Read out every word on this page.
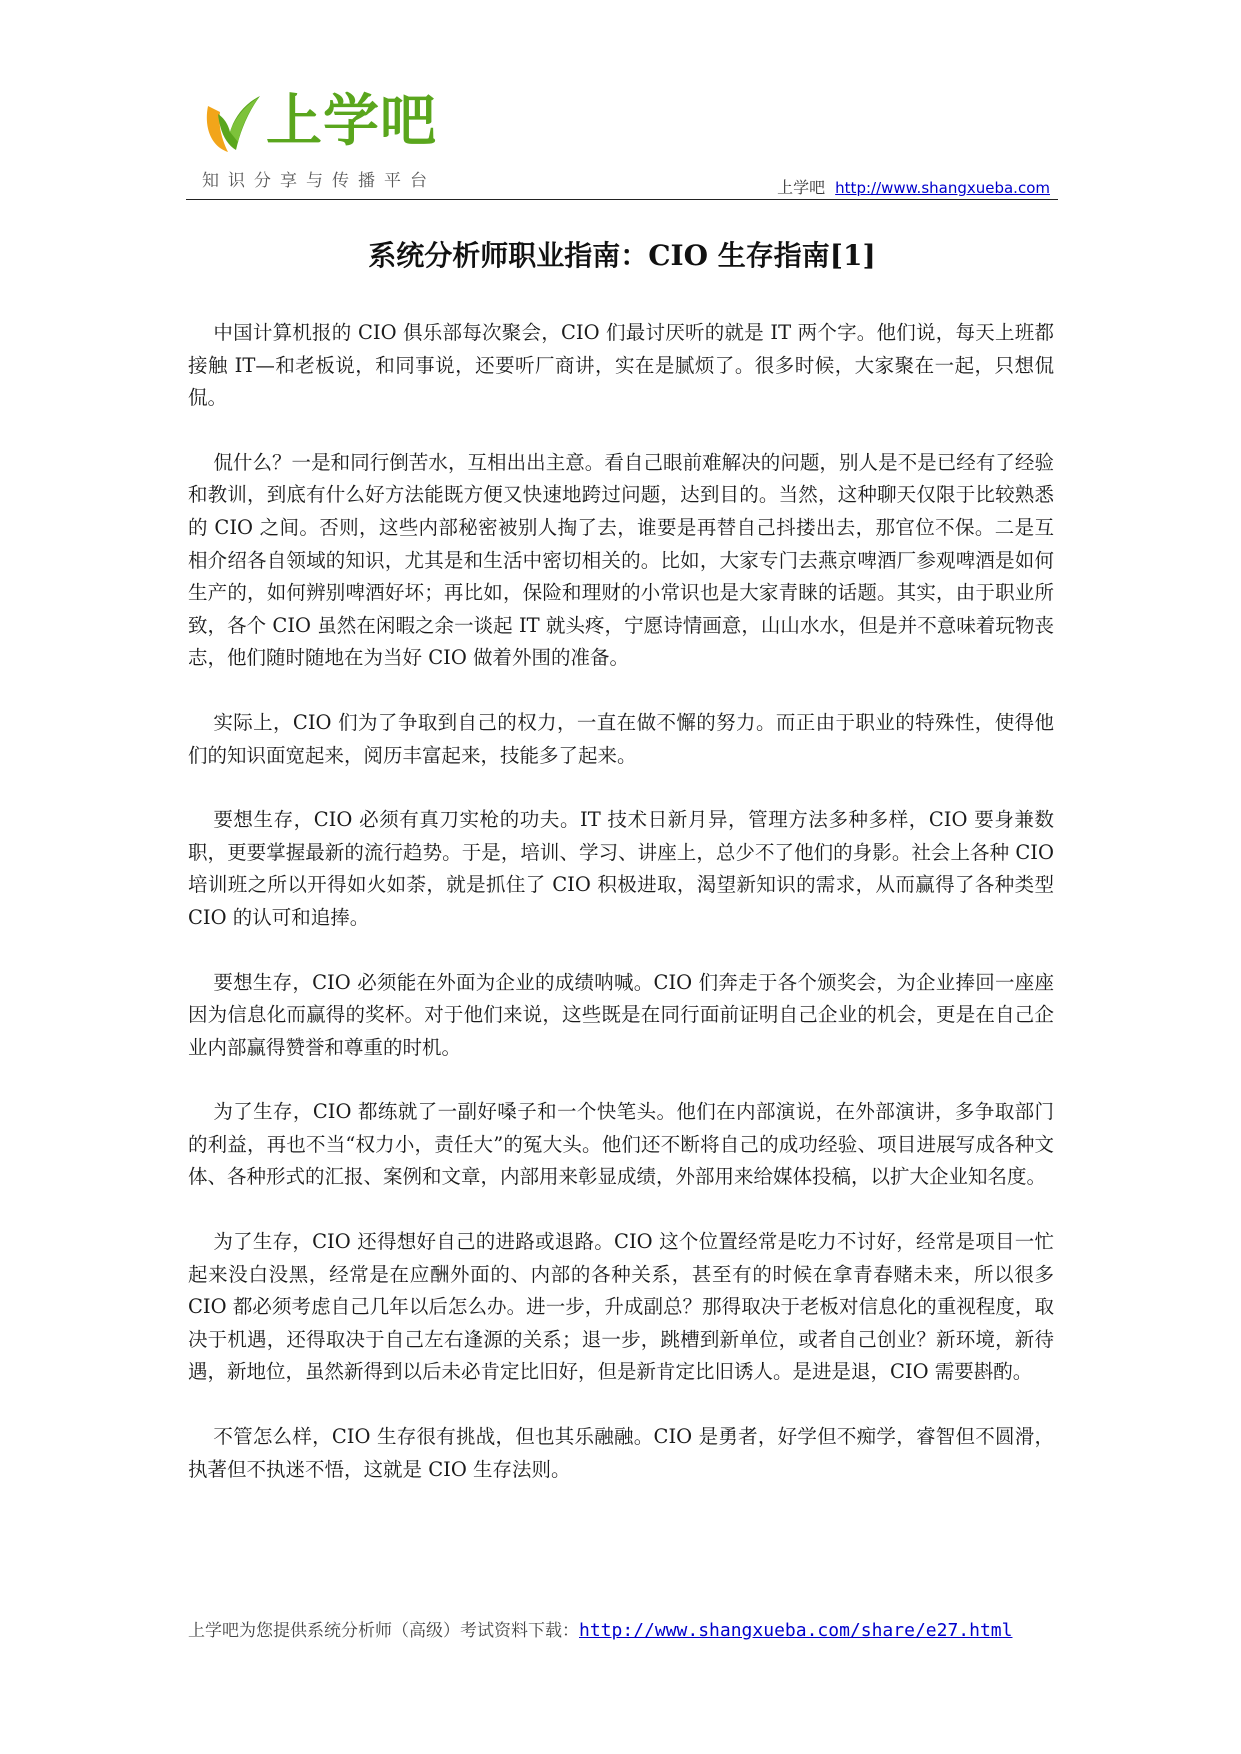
上学吧
知识分享与传播平台	上学吧 http://www.shangxueba.com
系统分析师职业指南：CIO 生存指南[1]

中国计算机报的 CIO 俱乐部每次聚会，CIO 们最讨厌听的就是 IT 两个字。他们说，每天上班都接触 IT—和老板说，和同事说，还要听厂商讲，实在是腻烦了。很多时候，大家聚在一起，只想侃侃。

侃什么？一是和同行倒苦水，互相出出主意。看自己眼前难解决的问题，别人是不是已经有了经验和教训，到底有什么好方法能既方便又快速地跨过问题，达到目的。当然，这种聊天仅限于比较熟悉的 CIO 之间。否则，这些内部秘密被别人掏了去，谁要是再替自己抖搂出去，那官位不保。二是互相介绍各自领域的知识，尤其是和生活中密切相关的。比如，大家专门去燕京啤酒厂参观啤酒是如何生产的，如何辨别啤酒好坏；再比如，保险和理财的小常识也是大家青睐的话题。其实，由于职业所致，各个 CIO 虽然在闲暇之余一谈起 IT 就头疼，宁愿诗情画意，山山水水，但是并不意味着玩物丧志，他们随时随地在为当好 CIO 做着外围的准备。

实际上，CIO 们为了争取到自己的权力，一直在做不懈的努力。而正由于职业的特殊性，使得他们的知识面宽起来，阅历丰富起来，技能多了起来。

要想生存，CIO 必须有真刀实枪的功夫。IT 技术日新月异，管理方法多种多样，CIO 要身兼数职，更要掌握最新的流行趋势。于是，培训、学习、讲座上，总少不了他们的身影。社会上各种 CIO 培训班之所以开得如火如荼，就是抓住了 CIO 积极进取，渴望新知识的需求，从而赢得了各种类型 CIO 的认可和追捧。

要想生存，CIO 必须能在外面为企业的成绩呐喊。CIO 们奔走于各个颁奖会，为企业捧回一座座因为信息化而赢得的奖杯。对于他们来说，这些既是在同行面前证明自己企业的机会，更是在自己企业内部赢得赞誉和尊重的时机。

为了生存，CIO 都练就了一副好嗓子和一个快笔头。他们在内部演说，在外部演讲，多争取部门的利益，再也不当“权力小，责任大”的冤大头。他们还不断将自己的成功经验、项目进展写成各种文体、各种形式的汇报、案例和文章，内部用来彰显成绩，外部用来给媒体投稿，以扩大企业知名度。

为了生存，CIO 还得想好自己的进路或退路。CIO 这个位置经常是吃力不讨好，经常是项目一忙起来没白没黑，经常是在应酬外面的、内部的各种关系，甚至有的时候在拿青春赌未来，所以很多 CIO 都必须考虑自己几年以后怎么办。进一步，升成副总？那得取决于老板对信息化的重视程度，取决于机遇，还得取决于自己左右逢源的关系；退一步，跳槽到新单位，或者自己创业？新环境，新待遇，新地位，虽然新得到以后未必肯定比旧好，但是新肯定比旧诱人。是进是退，CIO 需要斟酌。

不管怎么样，CIO 生存很有挑战，但也其乐融融。CIO 是勇者，好学但不痴学，睿智但不圆滑，执著但不执迷不悟，这就是 CIO 生存法则。

上学吧为您提供系统分析师（高级）考试资料下载：http://www.shangxueba.com/share/e27.html
